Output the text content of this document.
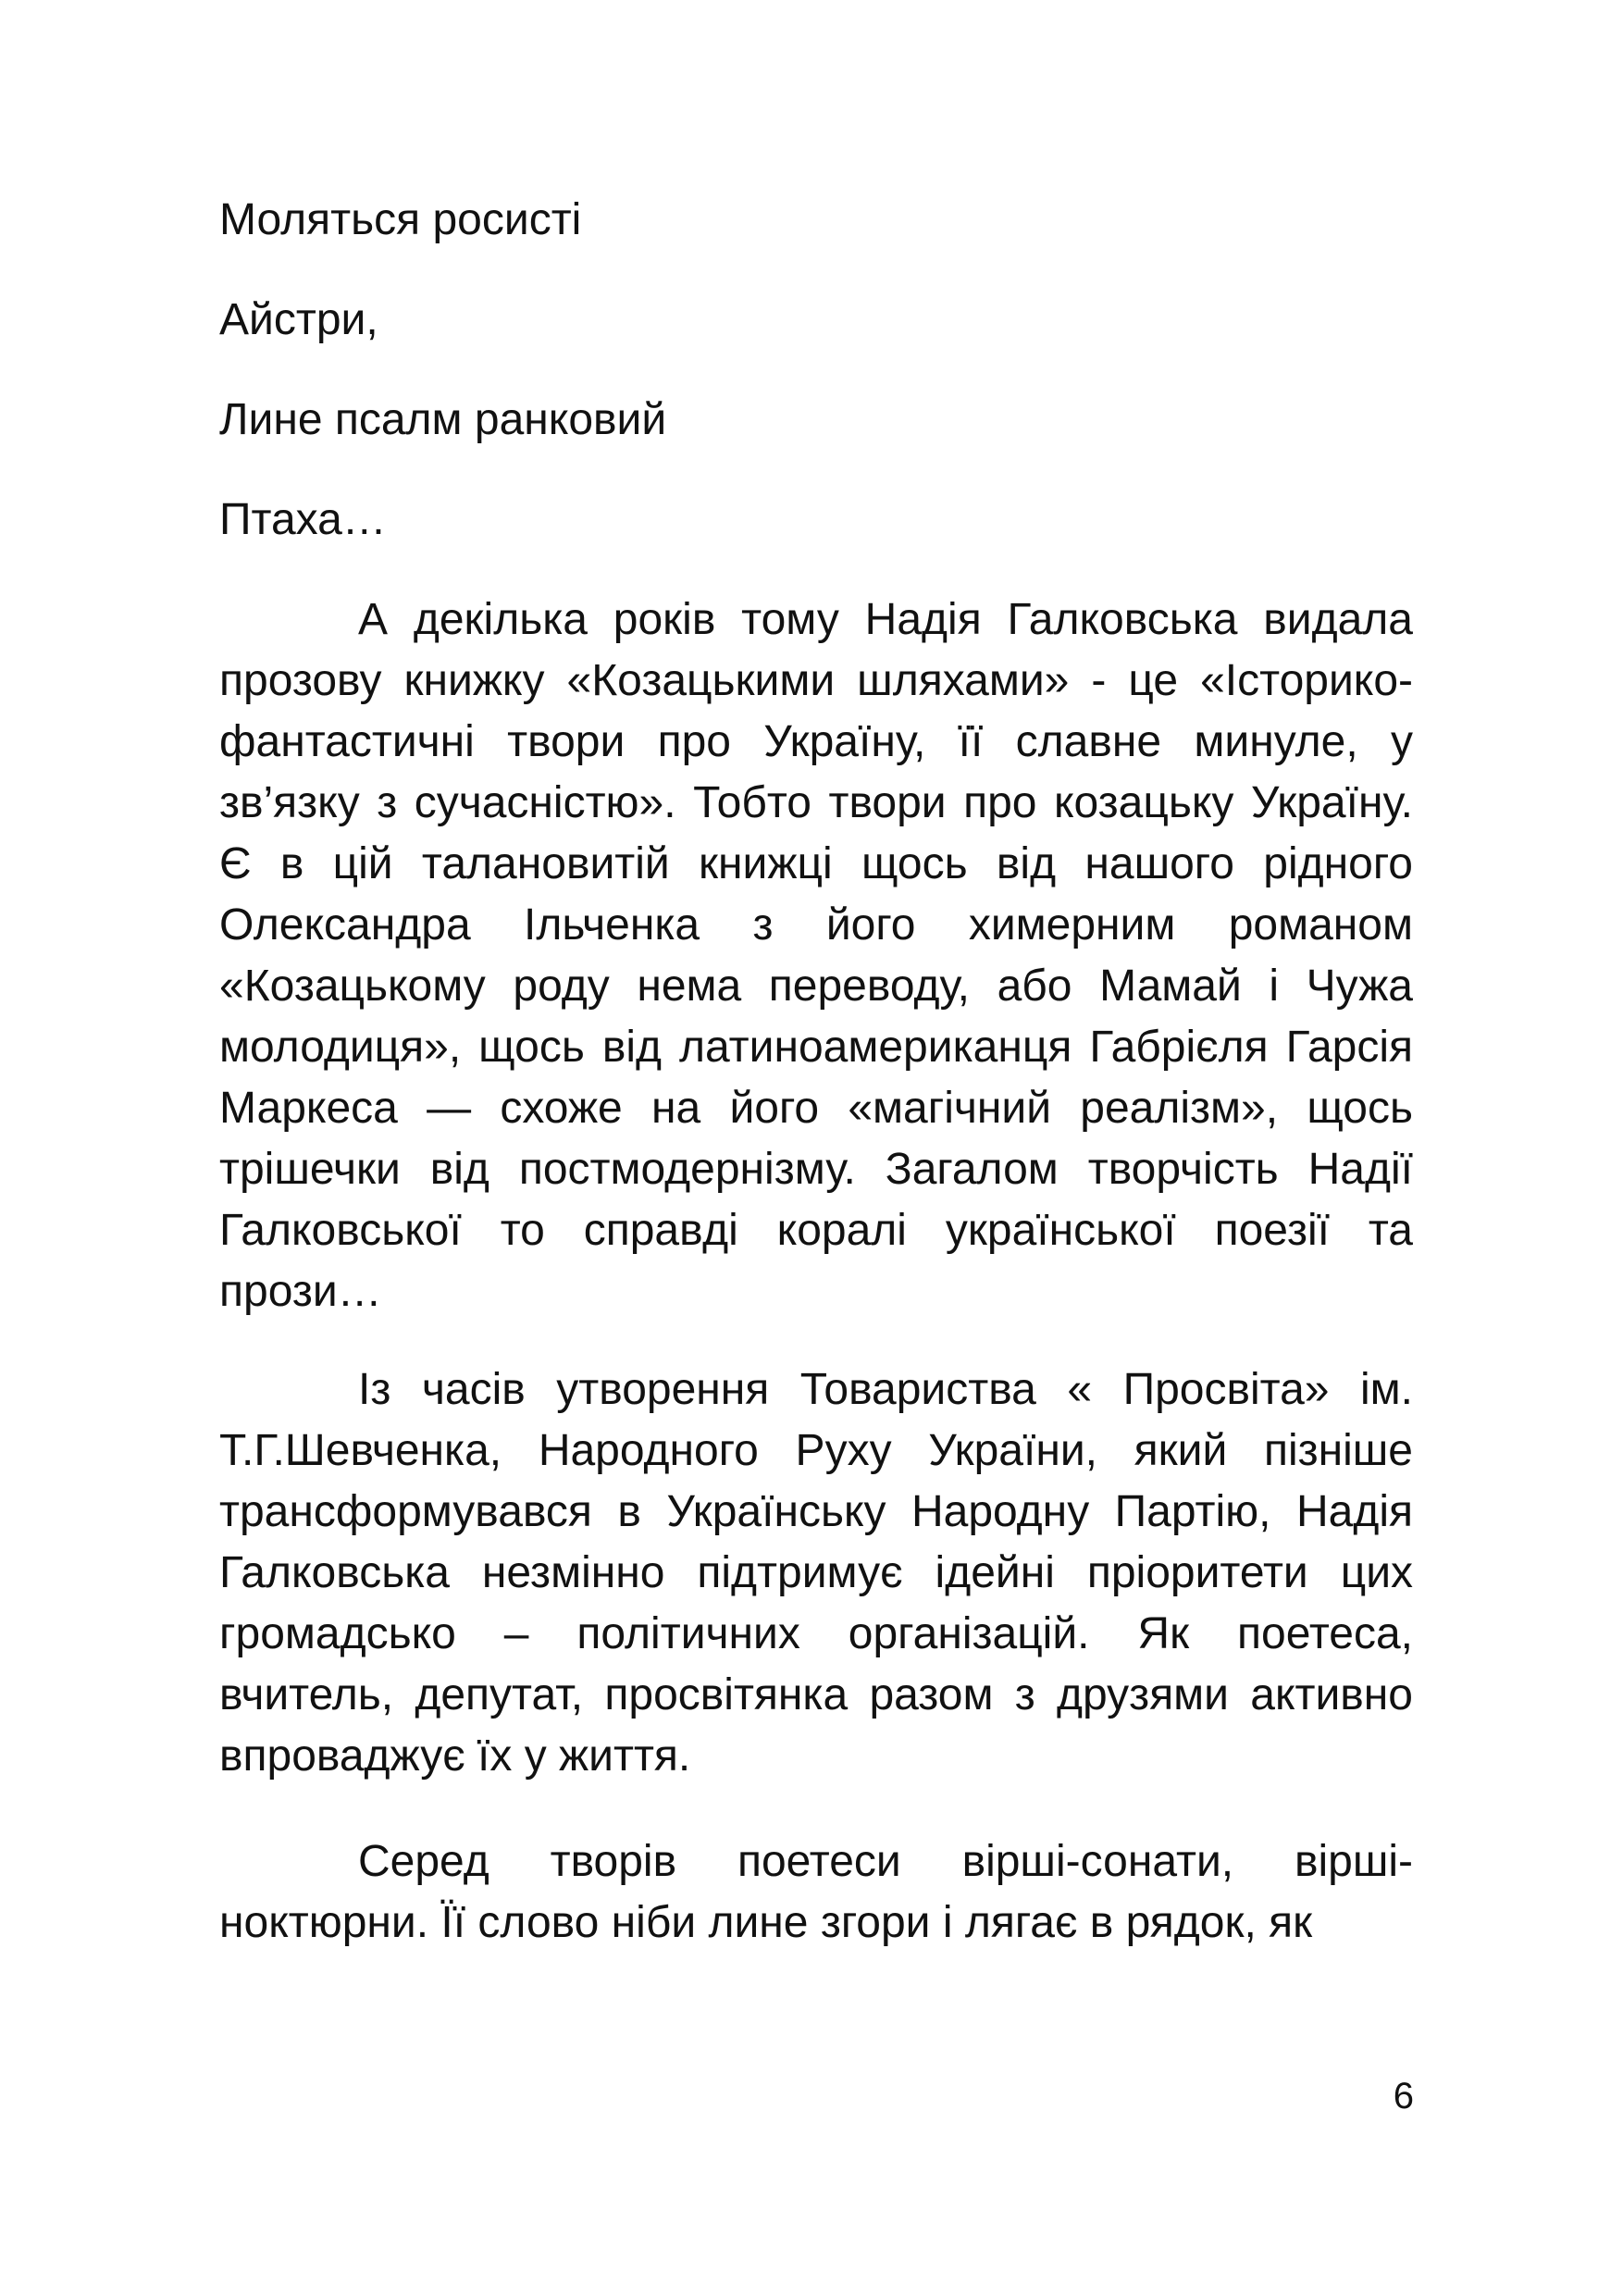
Моляться росисті

Айстри,

Лине псалм ранковий

Птаха…

А декілька років тому Надія Галковська видала прозову книжку «Козацькими шляхами» - це «Історико-фантастичні твори про Україну, її славне минуле, у зв’язку з сучасністю». Тобто твори про козацьку Україну. Є в цій талановитій книжці щось від нашого рідного Олександра Ільченка з його химерним романом «Козацькому роду нема переводу, або Мамай і Чужа молодиця», щось від латиноамериканця Габрієля Гарсія Маркеса — схоже на його «магічний реалізм», щось трішечки від постмодернізму. Загалом творчість Надії Галковської то справді коралі української поезії та прози…

Із часів утворення Товариства « Просвіта» ім. Т.Г.Шевченка, Народного Руху України, який пізніше трансформувався в Українську Народну Партію, Надія Галковська незмінно підтримує ідейні пріоритети цих громадсько – політичних організацій. Як поетеса, вчитель, депутат, просвітянка разом з друзями активно впроваджує їх у життя.

Серед творів поетеси вірші-сонати, вірші-ноктюрни. Її слово ніби лине згори і лягає в рядок, як

6
